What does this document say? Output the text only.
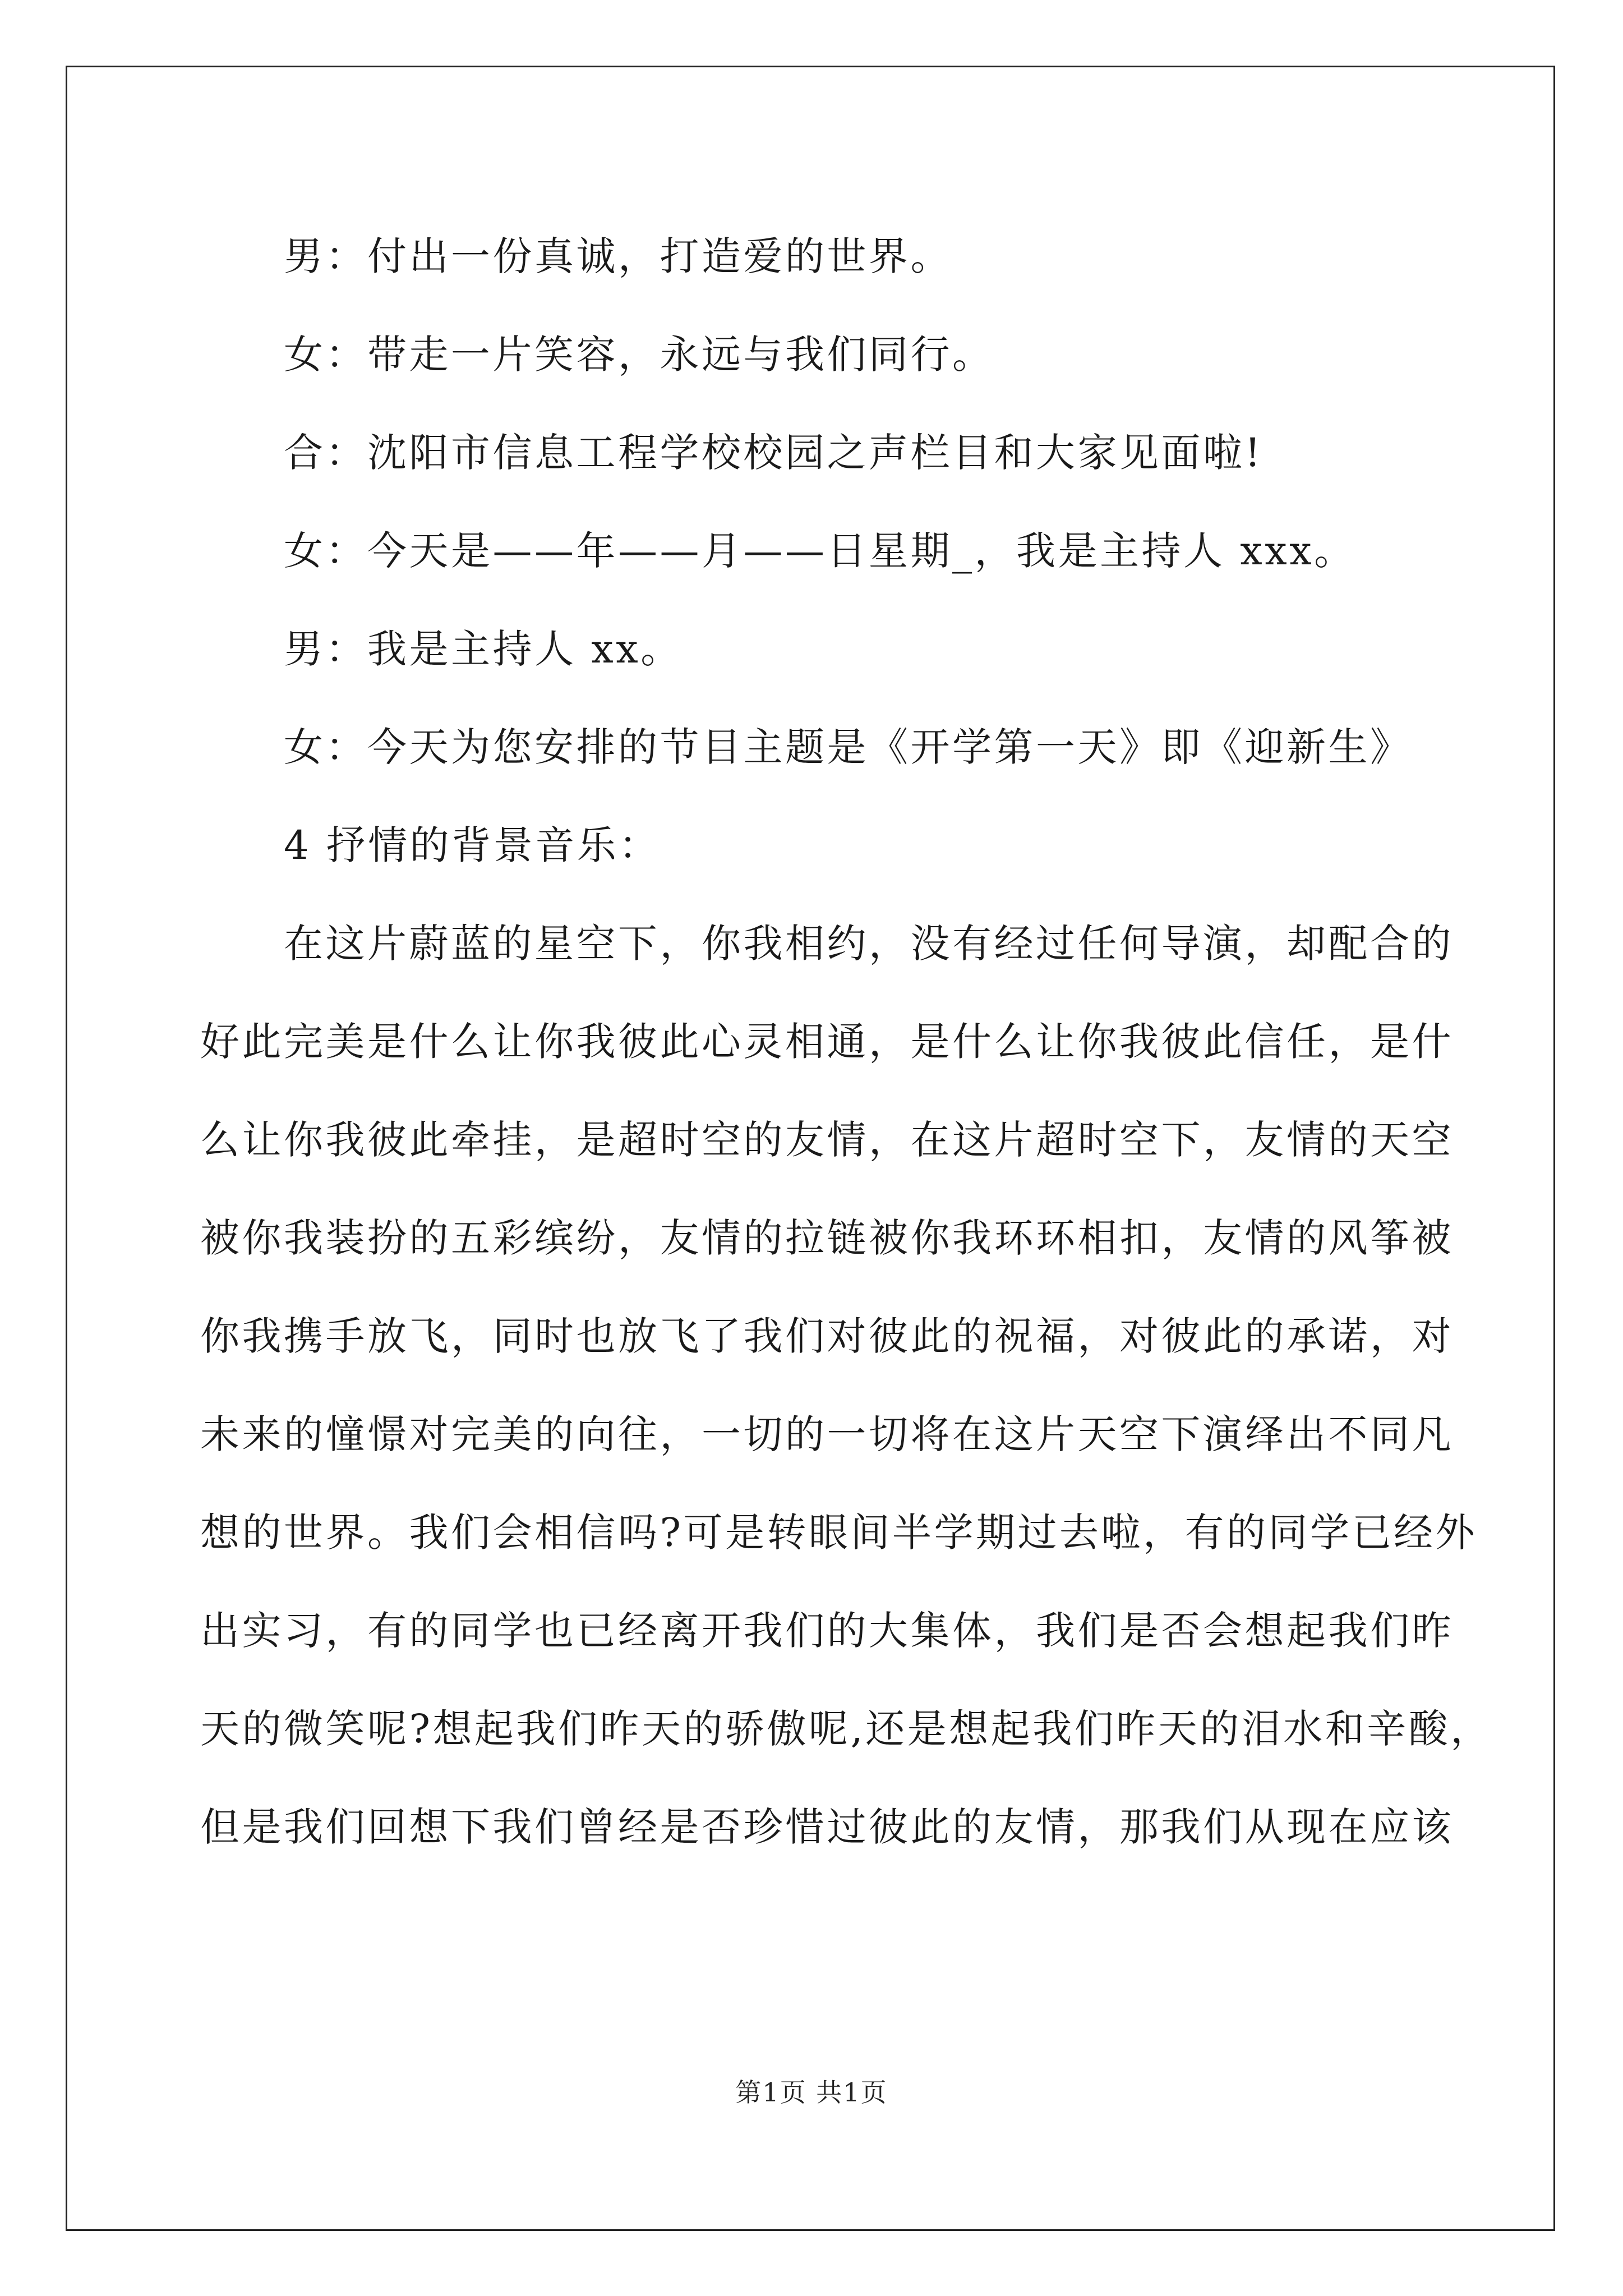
男：付出一份真诚，打造爱的世界。
女：带走一片笑容，永远与我们同行。
合：沈阳市信息工程学校校园之声栏目和大家见面啦!
女：今天是——年——月——日星期_，我是主持人 xxx。
男：我是主持人 xx。
女：今天为您安排的节目主题是《开学第一天》即《迎新生》
4 抒情的背景音乐：
在这片蔚蓝的星空下，你我相约，没有经过任何导演，却配合的
好此完美是什么让你我彼此心灵相通，是什么让你我彼此信任，是什
么让你我彼此牵挂，是超时空的友情，在这片超时空下，友情的天空
被你我装扮的五彩缤纷，友情的拉链被你我环环相扣，友情的风筝被
你我携手放飞，同时也放飞了我们对彼此的祝福，对彼此的承诺，对
未来的憧憬对完美的向往，一切的一切将在这片天空下演绎出不同凡
想的世界。我们会相信吗?可是转眼间半学期过去啦，有的同学已经外
出实习，有的同学也已经离开我们的大集体，我们是否会想起我们昨
天的微笑呢?想起我们昨天的骄傲呢,还是想起我们昨天的泪水和辛酸，
但是我们回想下我们曾经是否珍惜过彼此的友情，那我们从现在应该
第1页 共1页
